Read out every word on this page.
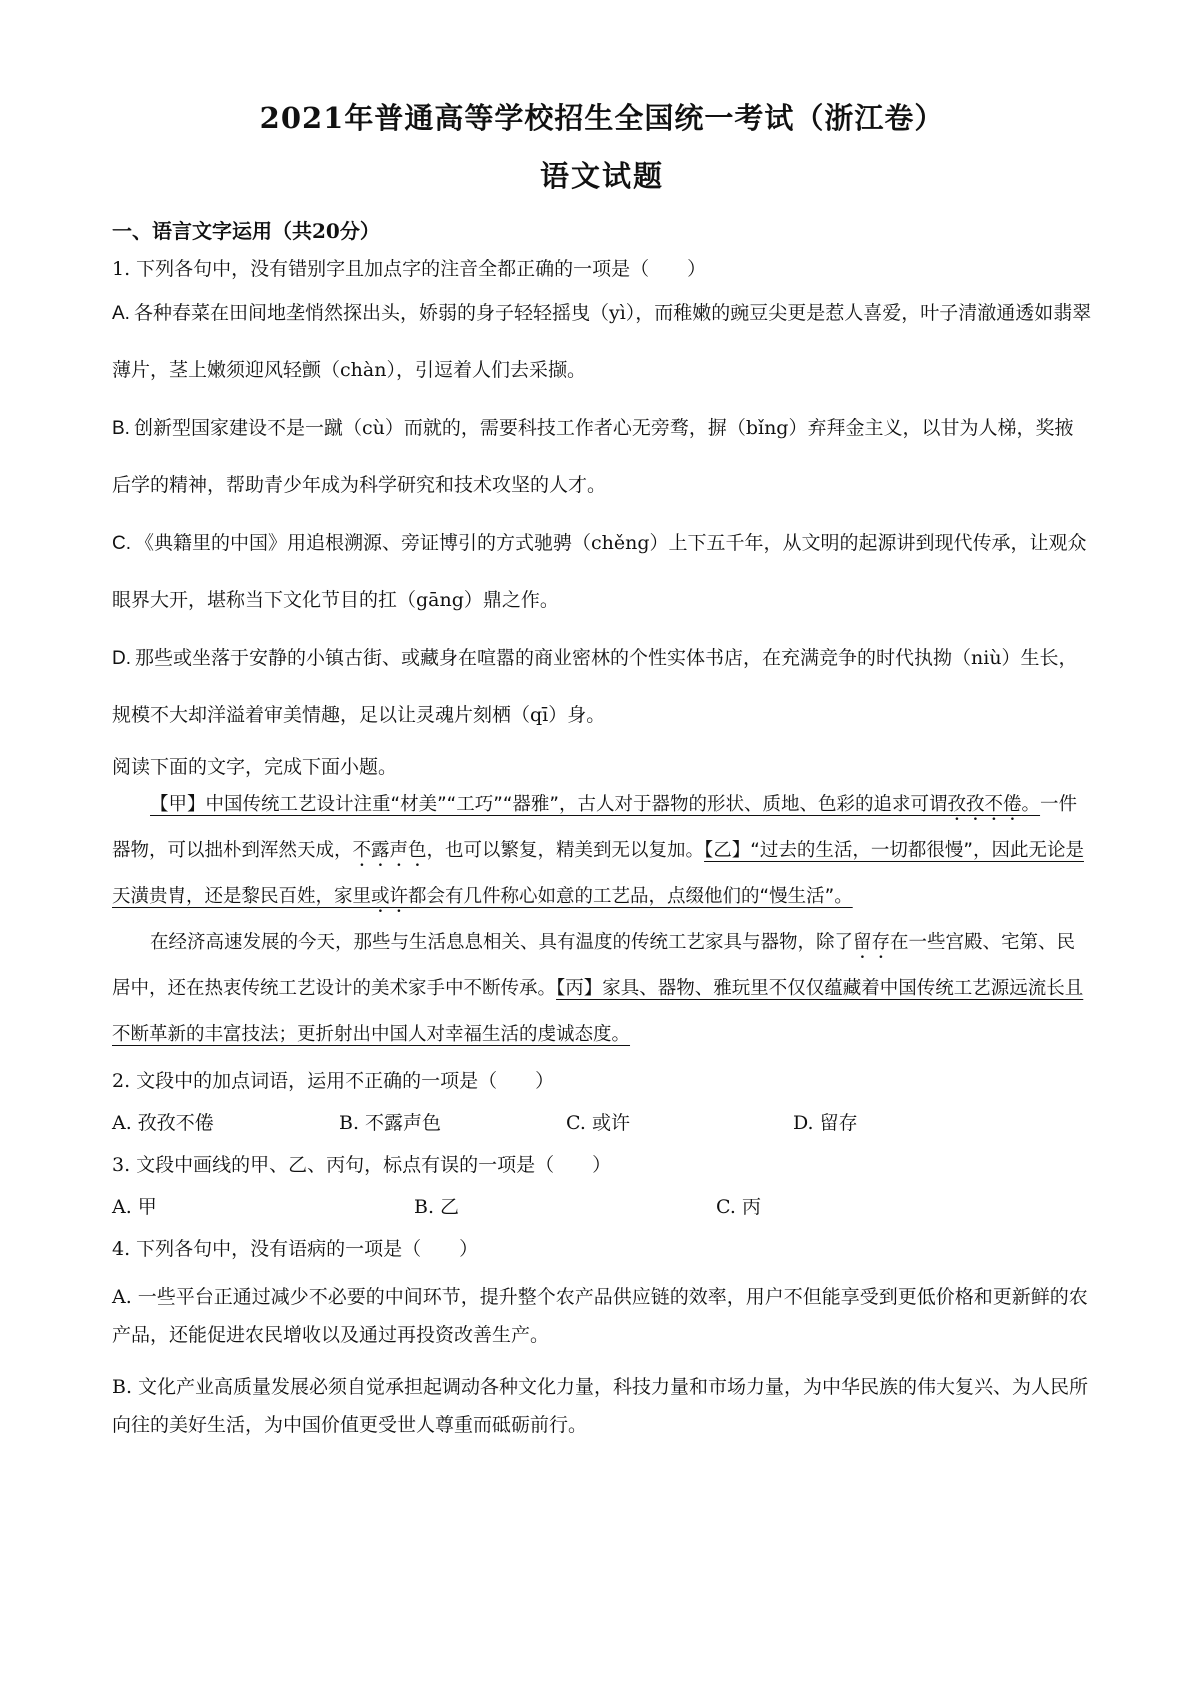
2021年普通高等学校招生全国统一考试（浙江卷）
语文试题

一、语言文字运用（共20分）

1. 下列各句中，没有错别字且加点字的注音全都正确的一项是（　　）

A. 各种春菜在田间地垄悄然探出头，娇弱的身子轻轻摇曳（yì），而稚嫩的豌豆尖更是惹人喜爱，叶子清澈通透如翡翠薄片，茎上嫩须迎风轻颤（chàn），引逗着人们去采撷。

B. 创新型国家建设不是一蹴（cù）而就的，需要科技工作者心无旁骛，摒（bǐng）弃拜金主义，以甘为人梯，奖掖后学的精神，帮助青少年成为科学研究和技术攻坚的人才。

C. 《典籍里的中国》用追根溯源、旁证博引的方式驰骋（chěng）上下五千年，从文明的起源讲到现代传承，让观众眼界大开，堪称当下文化节目的扛（gāng）鼎之作。

D. 那些或坐落于安静的小镇古街、或藏身在喧嚣的商业密林的个性实体书店，在充满竞争的时代执拗（niù）生长，规模不大却洋溢着审美情趣，足以让灵魂片刻栖（qī）身。

阅读下面的文字，完成下面小题。

【甲】中国传统工艺设计注重“材美”“工巧”“器雅”，古人对于器物的形状、质地、色彩的追求可谓孜孜不倦。一件器物，可以拙朴到浑然天成，不露声色，也可以繁复，精美到无以复加。【乙】“过去的生活，一切都很慢”，因此无论是天潢贵胄，还是黎民百姓，家里或许都会有几件称心如意的工艺品，点缀他们的“慢生活”。

在经济高速发展的今天，那些与生活息息相关、具有温度的传统工艺家具与器物，除了留存在一些宫殿、宅第、民居中，还在热衷传统工艺设计的美术家手中不断传承。【丙】家具、器物、雅玩里不仅仅蕴藏着中国传统工艺源远流长且不断革新的丰富技法；更折射出中国人对幸福生活的虔诚态度。

2. 文段中的加点词语，运用不正确的一项是（　　）

A. 孜孜不倦	B. 不露声色	C. 或许	D. 留存

3. 文段中画线的甲、乙、丙句，标点有误的一项是（　　）

A. 甲	B. 乙	C. 丙

4. 下列各句中，没有语病的一项是（　　）

A. 一些平台正通过减少不必要的中间环节，提升整个农产品供应链的效率，用户不但能享受到更低价格和更新鲜的农产品，还能促进农民增收以及通过再投资改善生产。

B. 文化产业高质量发展必须自觉承担起调动各种文化力量，科技力量和市场力量，为中华民族的伟大复兴、为人民所向往的美好生活，为中国价值更受世人尊重而砥砺前行。
